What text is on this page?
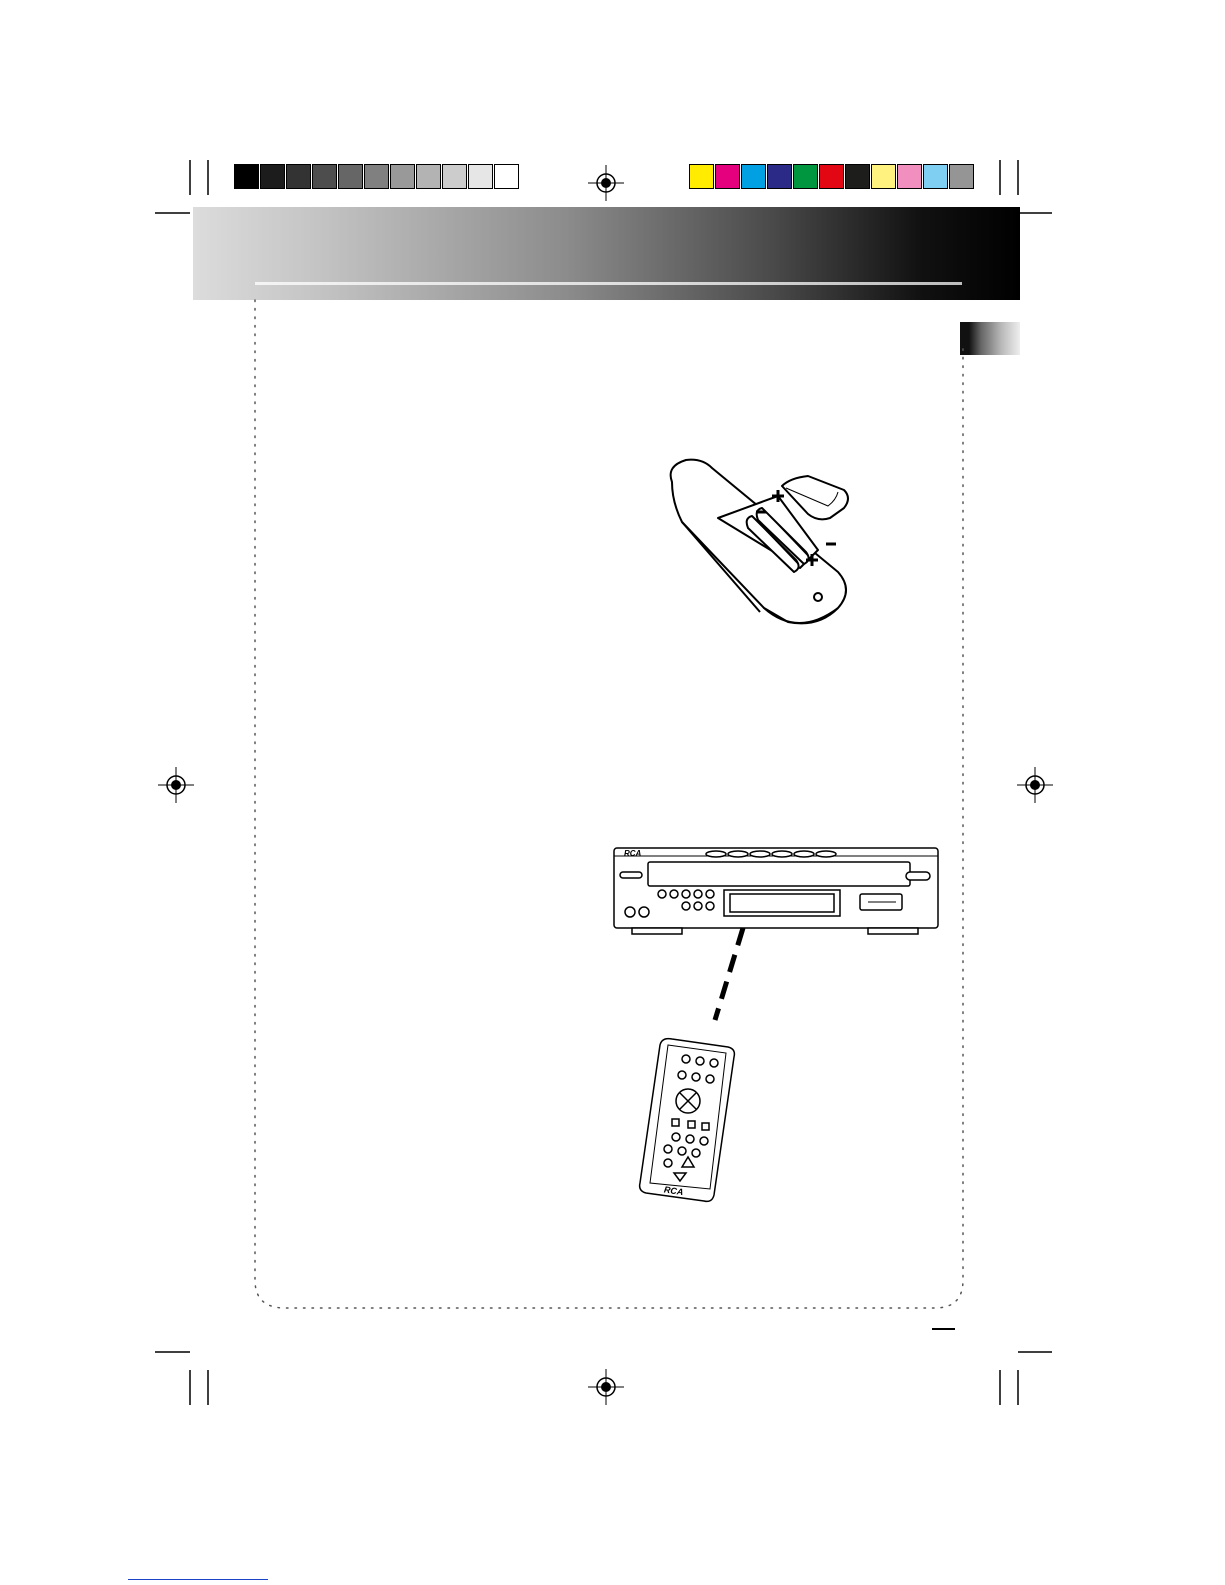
RCA
RCA
